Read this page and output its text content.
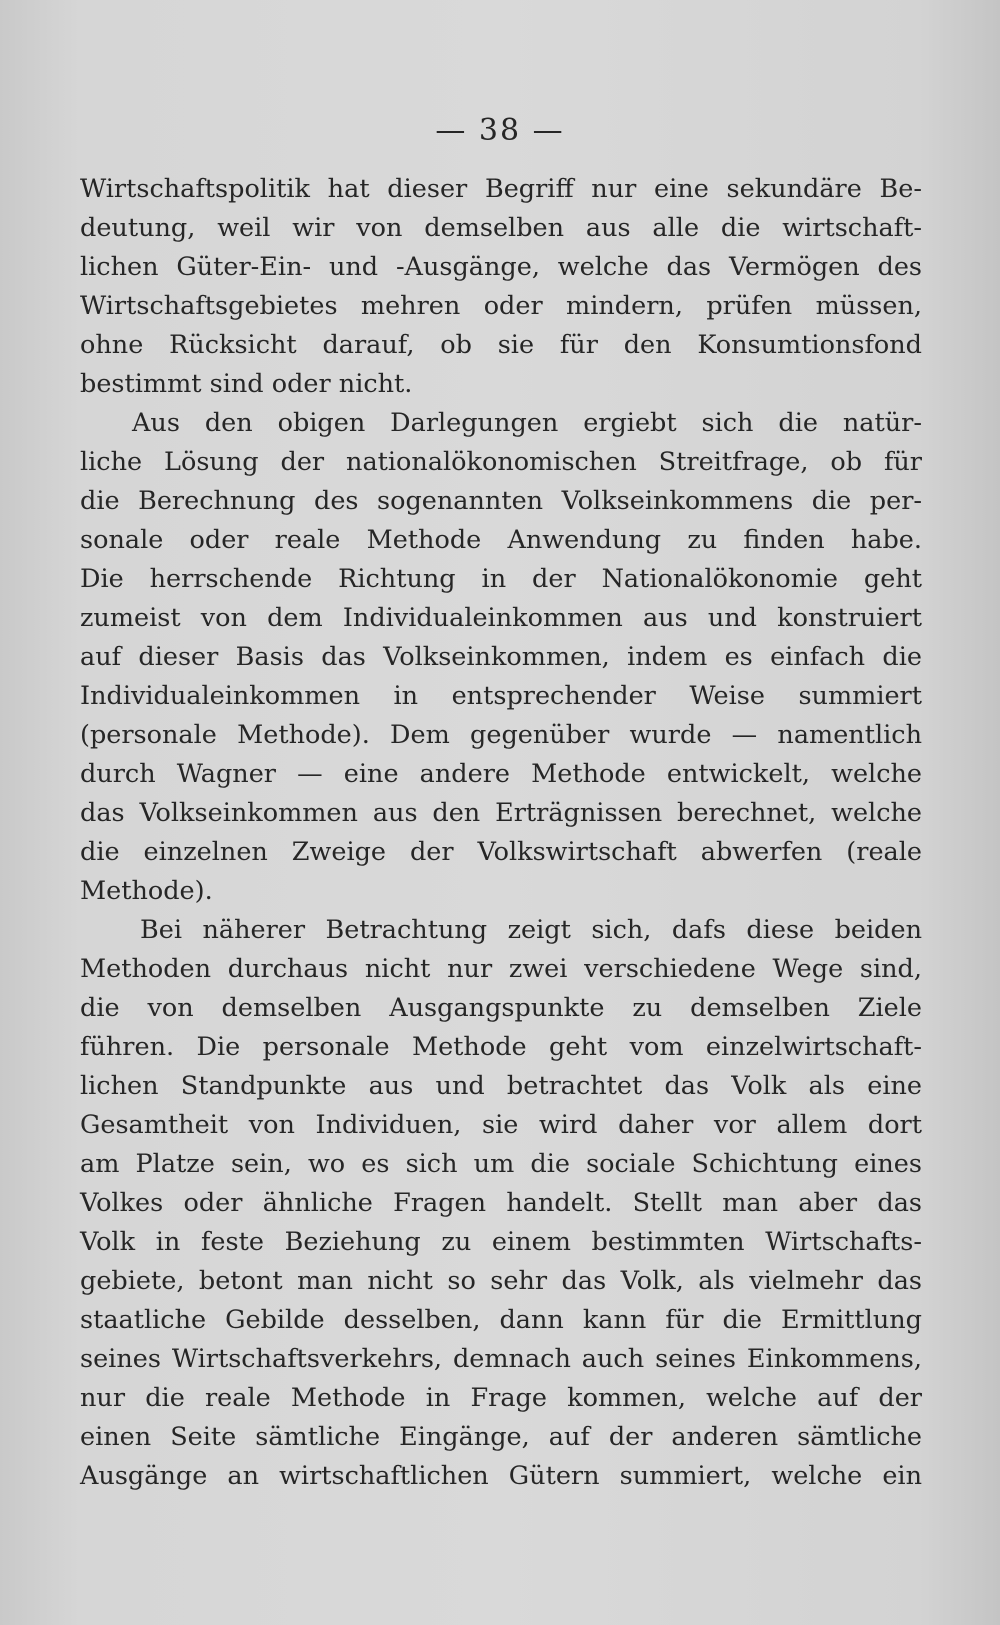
— 38 —
Wirtschaftspolitik hat dieser Begriff nur eine sekundäre Be-
deutung, weil wir von demselben aus alle die wirtschaft-
lichen Güter-Ein- und -Ausgänge, welche das Vermögen des
Wirtschaftsgebietes mehren oder mindern, prüfen müssen,
ohne Rücksicht darauf, ob sie für den Konsumtionsfond
bestimmt sind oder nicht.
Aus den obigen Darlegungen ergiebt sich die natür-
liche Lösung der nationalökonomischen Streitfrage, ob für
die Berechnung des sogenannten Volkseinkommens die per-
sonale oder reale Methode Anwendung zu finden habe.
Die herrschende Richtung in der Nationalökonomie geht
zumeist von dem Individualeinkommen aus und konstruiert
auf dieser Basis das Volkseinkommen, indem es einfach die
Individualeinkommen in entsprechender Weise summiert
(personale Methode). Dem gegenüber wurde — namentlich
durch Wagner — eine andere Methode entwickelt, welche
das Volkseinkommen aus den Erträgnissen berechnet, welche
die einzelnen Zweige der Volkswirtschaft abwerfen (reale
Methode).
Bei näherer Betrachtung zeigt sich, dafs diese beiden
Methoden durchaus nicht nur zwei verschiedene Wege sind,
die von demselben Ausgangspunkte zu demselben Ziele
führen. Die personale Methode geht vom einzelwirtschaft-
lichen Standpunkte aus und betrachtet das Volk als eine
Gesamtheit von Individuen, sie wird daher vor allem dort
am Platze sein, wo es sich um die sociale Schichtung eines
Volkes oder ähnliche Fragen handelt. Stellt man aber das
Volk in feste Beziehung zu einem bestimmten Wirtschafts-
gebiete, betont man nicht so sehr das Volk, als vielmehr das
staatliche Gebilde desselben, dann kann für die Ermittlung
seines Wirtschaftsverkehrs, demnach auch seines Einkommens,
nur die reale Methode in Frage kommen, welche auf der
einen Seite sämtliche Eingänge, auf der anderen sämtliche
Ausgänge an wirtschaftlichen Gütern summiert, welche ein
